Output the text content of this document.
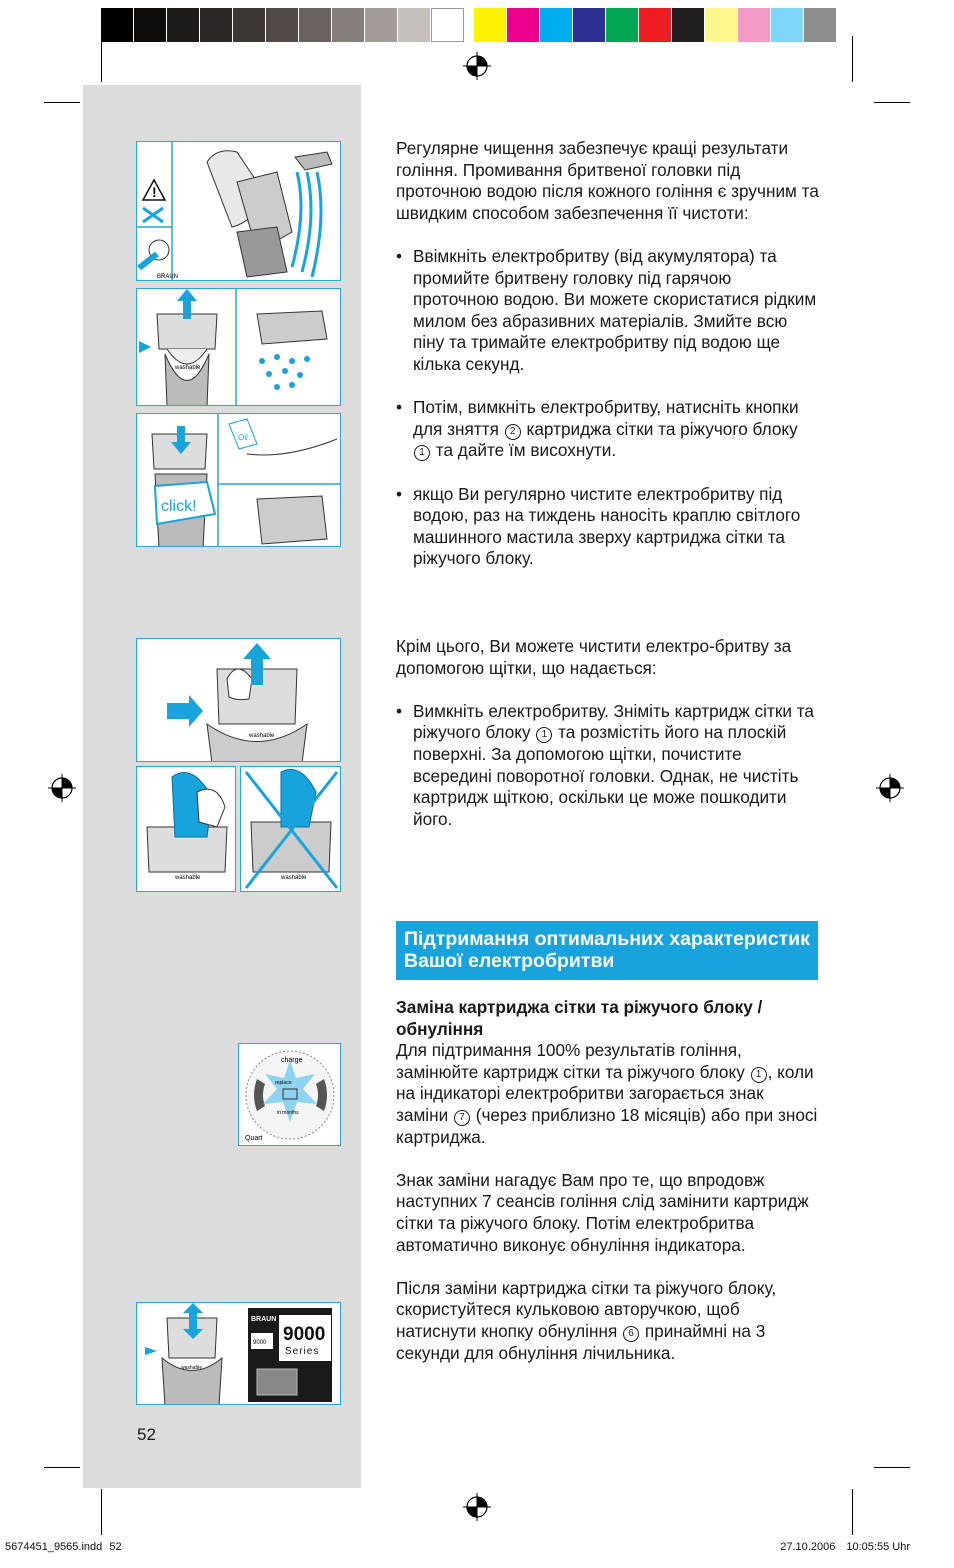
!
BRAUN
washable
click!
Oil
washable
washable	washable
charge
replace
in months
Quart
washable
BRAUN
9000
Series
9000

Регулярне чищення забезпечує кращі результати гоління. Промивання бритвеної головки під проточною водою після кожного гоління є зручним та швидким способом забезпечення її чистоти:

• Ввімкніть електробритву (від акумулятора) та промийте бритвену головку під гарячою проточною водою. Ви можете скористатися рідким милом без абразивних матеріалів. Змийте всю піну та тримайте електробритву під водою ще кілька секунд.
• Потім, вимкніть електробритву, натисніть кнопки для зняття 2 картриджа сітки та ріжучого блоку 1 та дайте їм висохнути.
• якщо Ви регулярно чистите електробритву під водою, раз на тиждень наносіть краплю світлого машинного мастила зверху картриджа сітки та ріжучого блоку.

Крім цього, Ви можете чистити електро-бритву за допомогою щітки, що надається:

• Вимкніть електробритву. Зніміть картридж сітки та ріжучого блоку 1 та розмістіть його на плоскій поверхні. За допомогою щітки, почистите всередині поворотної головки. Однак, не чистіть картридж щіткою, оскільки це може пошкодити його.
Підтримання оптимальних характеристик Вашої електробритви

Заміна картриджа сітки та ріжучого блоку / обнуління

Для підтримання 100% результатів гоління, замінюйте картридж сітки та ріжучого блоку 1 , коли на індикаторі електробритви загорається знак заміни 7 (через приблизно 18 місяців) або при зносі картриджа.

Знак заміни нагадує Вам про те, що впродовж наступних 7 сеансів гоління слід замінити картридж сітки та ріжучого блоку. Потім електробритва автоматично виконує обнуління індикатора.

Після заміни картриджа сітки та ріжучого блоку, скористуйтеся кульковою авторучкою, щоб натиснути кнопку обнуління 6 принаймні на 3 секунди для обнуління лічильника.

52
5674451_9565.indd 52	27.10.2006 10:05:55 Uhr
